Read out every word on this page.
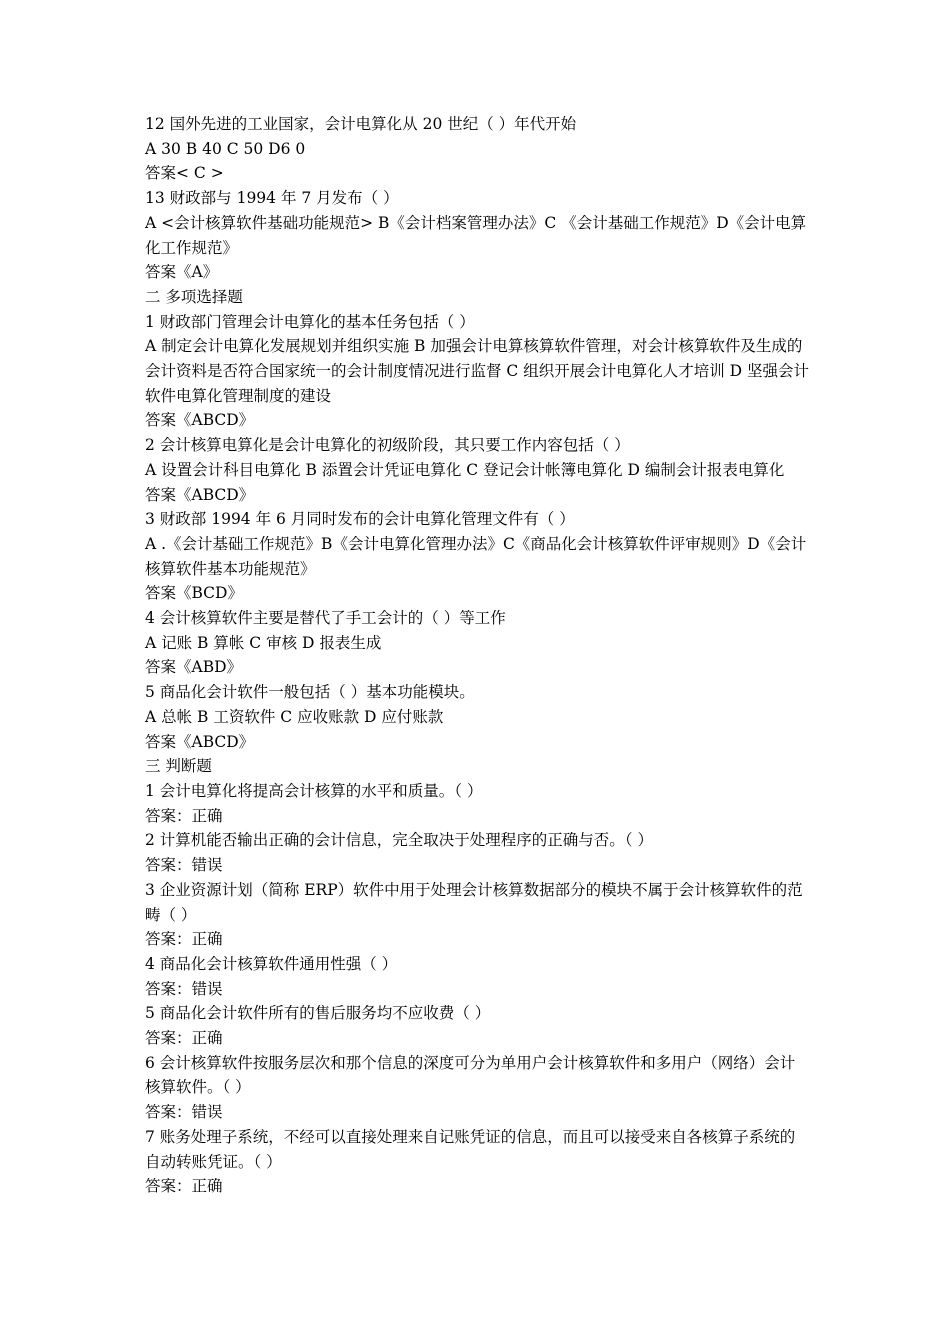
12 国外先进的工业国家，会计电算化从 20 世纪（ ）年代开始

A 30 B 40 C 50 D6 0

答案< C >

13 财政部与 1994 年 7 月发布（ ）

A <会计核算软件基础功能规范> B《会计档案管理办法》C 《会计基础工作规范》D《会计电算化工作规范》

答案《A》

二 多项选择题

1 财政部门管理会计电算化的基本任务包括（ ）

A 制定会计电算化发展规划并组织实施 B 加强会计电算核算软件管理，对会计核算软件及生成的会计资料是否符合国家统一的会计制度情况进行监督 C 组织开展会计电算化人才培训 D 坚强会计软件电算化管理制度的建设

答案《ABCD》

2 会计核算电算化是会计电算化的初级阶段，其只要工作内容包括（ ）

A 设置会计科目电算化 B 添置会计凭证电算化 C 登记会计帐簿电算化 D 编制会计报表电算化

答案《ABCD》

3 财政部 1994 年 6 月同时发布的会计电算化管理文件有（ ）

A .《会计基础工作规范》B《会计电算化管理办法》C《商品化会计核算软件评审规则》D《会计核算软件基本功能规范》

答案《BCD》

4 会计核算软件主要是替代了手工会计的（ ）等工作

A 记账 B 算帐 C 审核 D 报表生成

答案《ABD》

5 商品化会计软件一般包括（ ）基本功能模块。

A 总帐 B 工资软件 C 应收账款 D 应付账款

答案《ABCD》

三 判断题

1 会计电算化将提高会计核算的水平和质量。（ ）

答案：正确

2 计算机能否输出正确的会计信息，完全取决于处理程序的正确与否。（ ）

答案：错误

3 企业资源计划（简称 ERP）软件中用于处理会计核算数据部分的模块不属于会计核算软件的范畴（ ）

答案：正确

4 商品化会计核算软件通用性强（ ）

答案：错误

5 商品化会计软件所有的售后服务均不应收费（ ）

答案：正确

6 会计核算软件按服务层次和那个信息的深度可分为单用户会计核算软件和多用户（网络）会计核算软件。（ ）

答案：错误

7 账务处理子系统，不经可以直接处理来自记账凭证的信息，而且可以接受来自各核算子系统的自动转账凭证。（ ）

答案：正确
